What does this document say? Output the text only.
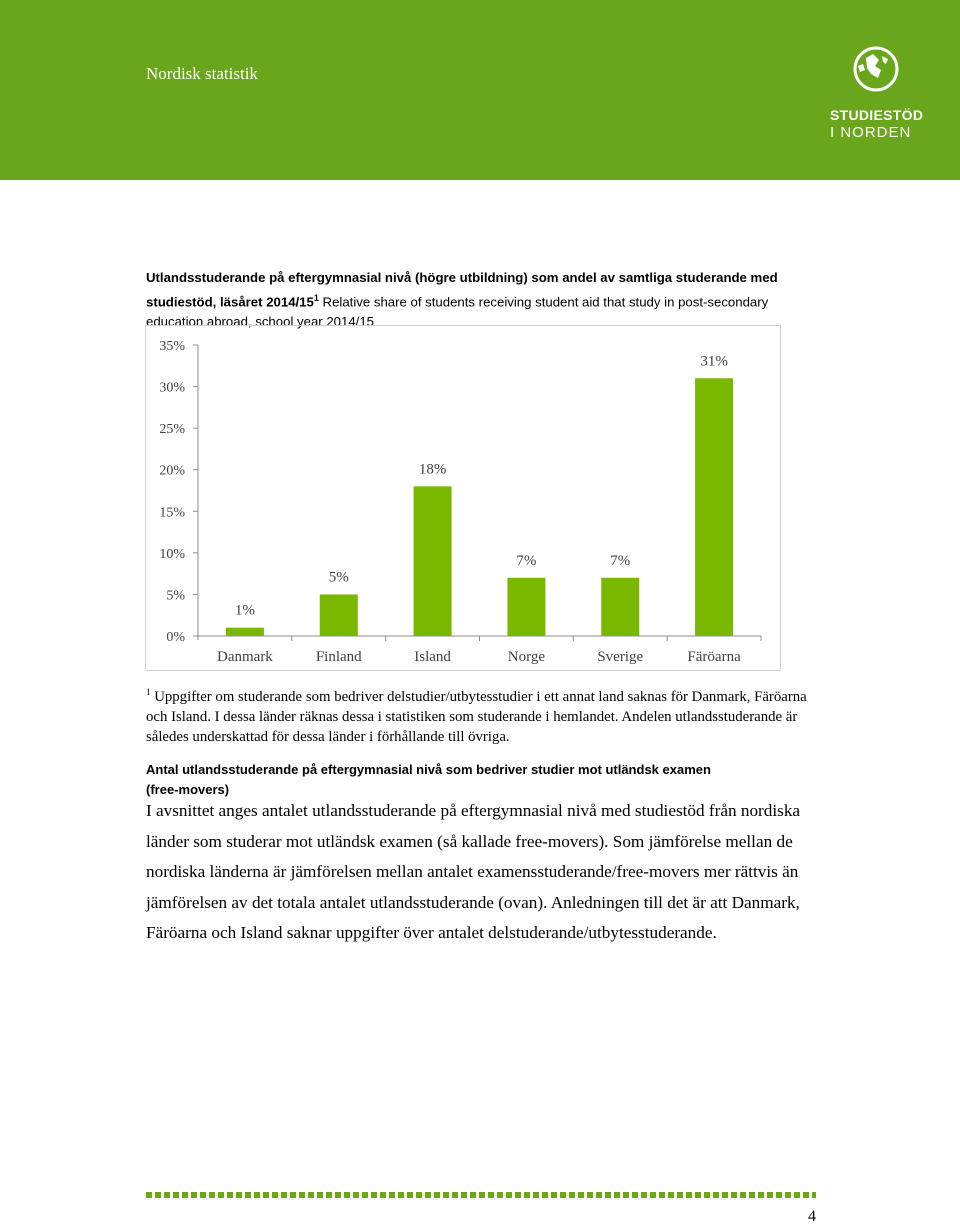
Nordisk statistik
STUDIESTÖD
I NORDEN
Utlandsstuderande på eftergymnasial nivå (högre utbildning) som andel av samtliga studerande med studiestöd, läsåret $2014/15^1$ Relative share of students receiving student aid that study in post-secondary education abroad, school year 2014/15
0%
5%
10%
15%
20%
25%
30%
35%
1%
Danmark
5%
Finland
18%
Island
7%
Norge
7%
Sverige
31%
Färöarna
$^1$ Uppgifter om studerande som bedriver delstudier/utbytesstudier i ett annat land saknas för Danmark, Färöarna och Island. I dessa länder räknas dessa i statistiken som studerande i hemlandet. Andelen utlandsstuderande är således underskattad för dessa länder i förhållande till övriga.
Antal utlandsstuderande på eftergymnasial nivå som bedriver studier mot utländsk examen (free-movers)
I avsnittet anges antalet utlandsstuderande på eftergymnasial nivå med studiestöd från nordiska länder som studerar mot utländsk examen (så kallade free-movers). Som jämförelse mellan de nordiska länderna är jämförelsen mellan antalet examensstuderande/free-movers mer rättvis än jämförelsen av det totala antalet utlandsstuderande (ovan). Anledningen till det är att Danmark, Färöarna och Island saknar uppgifter över antalet delstuderande/utbytesstuderande.
4
